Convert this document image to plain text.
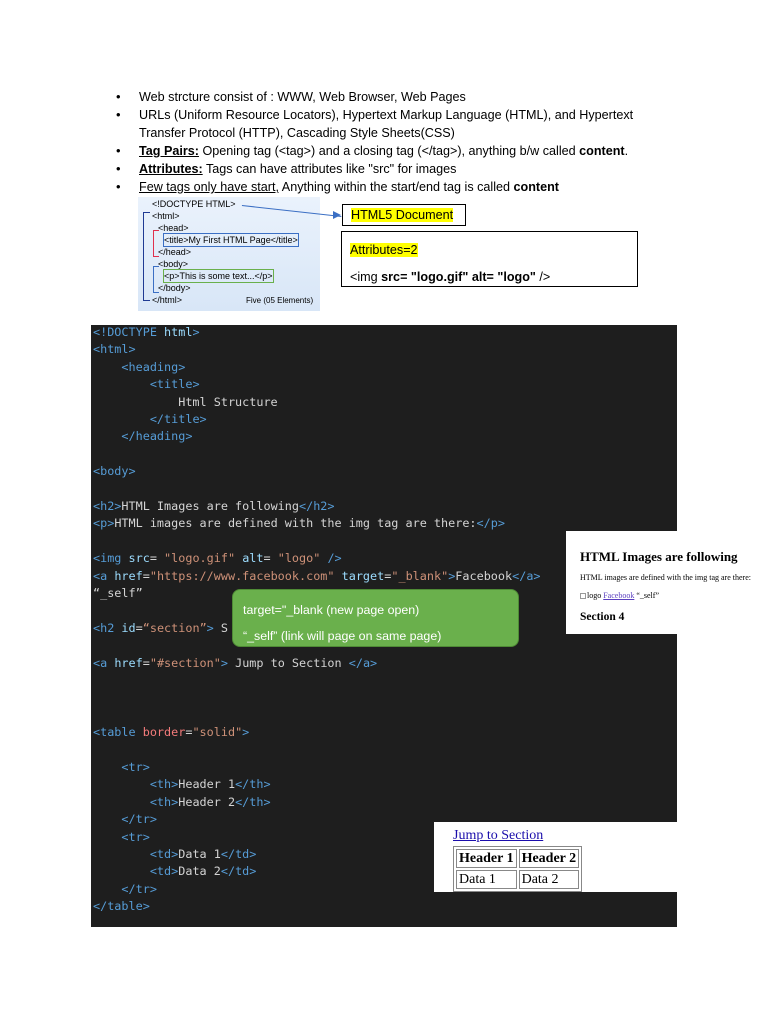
• Web strcture consist of : WWW, Web Browser, Web Pages
• URLs (Uniform Resource Locators), Hypertext Markup Language (HTML), and Hypertext Transfer Protocol (HTTP), Cascading Style Sheets(CSS)
• Tag Pairs: Opening tag (<tag>) and a closing tag (</tag>), anything b/w called content.
• Attributes: Tags can have attributes like "src" for images
• Few tags only have start, Anything within the start/end tag is called content
<!DOCTYPE HTML>
<html>
<head>
<title>My First HTML Page</title>
</head>
<body>
<p>This is some text...</p>
</body>
</html>	Five (05 Elements)
HTML5 Document
Attributes=2
<img src= "logo.gif" alt= "logo" />
<!DOCTYPE html>
<html>
<heading>
<title>
Html Structure
</title>
</heading>
<body>
<h2>HTML Images are following</h2>
<p>HTML images are defined with the img tag are there:</p>
<img src= "logo.gif" alt= "logo" />
<a href="https://www.facebook.com" target="_blank">Facebook</a>
“_self”
<h2 id=“section”> S
<a href="#section"> Jump to Section </a>
<table border="solid">
<tr>
<th>Header 1</th>
<th>Header 2</th>
</tr>
<tr>
<td>Data 1</td>
<td>Data 2</td>
</tr>
</table>
target="_blank (new page open)
“_self” (link will page on same page)
HTML Images are following
HTML images are defined with the img tag are there:
logo Facebook “_self”
Section 4
Jump to Section
Header 1	Header 2
Data 1	Data 2
